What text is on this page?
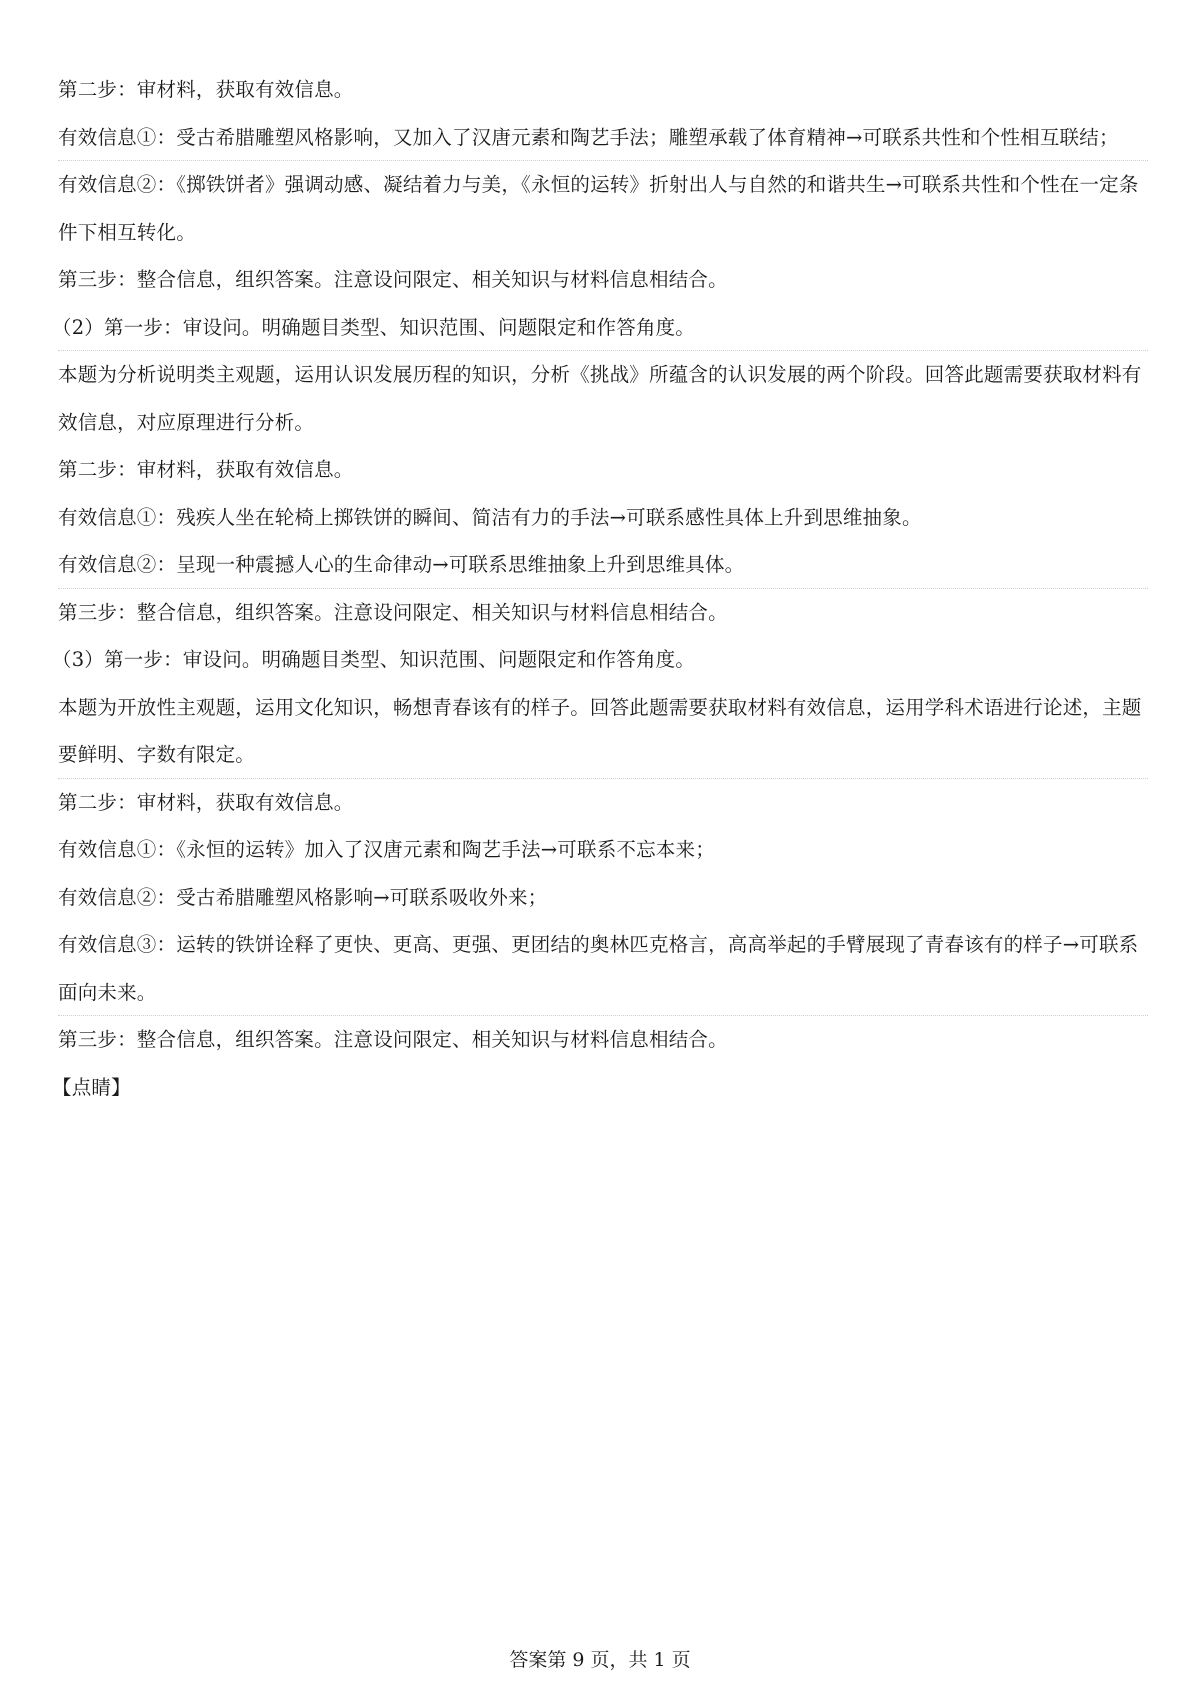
第二步：审材料，获取有效信息。

有效信息①：受古希腊雕塑风格影响，又加入了汉唐元素和陶艺手法；雕塑承载了体育精神→可联系共性和个性相互联结；

有效信息②：《掷铁饼者》强调动感、凝结着力与美，《永恒的运转》折射出人与自然的和谐共生→可联系共性和个性在一定条件下相互转化。

第三步：整合信息，组织答案。注意设问限定、相关知识与材料信息相结合。

（2）第一步：审设问。明确题目类型、知识范围、问题限定和作答角度。

本题为分析说明类主观题，运用认识发展历程的知识，分析《挑战》所蕴含的认识发展的两个阶段。回答此题需要获取材料有效信息，对应原理进行分析。

第二步：审材料，获取有效信息。

有效信息①：残疾人坐在轮椅上掷铁饼的瞬间、简洁有力的手法→可联系感性具体上升到思维抽象。

有效信息②：呈现一种震撼人心的生命律动→可联系思维抽象上升到思维具体。

第三步：整合信息，组织答案。注意设问限定、相关知识与材料信息相结合。

（3）第一步：审设问。明确题目类型、知识范围、问题限定和作答角度。

本题为开放性主观题，运用文化知识，畅想青春该有的样子。回答此题需要获取材料有效信息，运用学科术语进行论述，主题要鲜明、字数有限定。

第二步：审材料，获取有效信息。

有效信息①：《永恒的运转》加入了汉唐元素和陶艺手法→可联系不忘本来；

有效信息②：受古希腊雕塑风格影响→可联系吸收外来；

有效信息③：运转的铁饼诠释了更快、更高、更强、更团结的奥林匹克格言，高高举起的手臂展现了青春该有的样子→可联系面向未来。

第三步：整合信息，组织答案。注意设问限定、相关知识与材料信息相结合。

【点睛】

答案第 9 页，共 1 页
